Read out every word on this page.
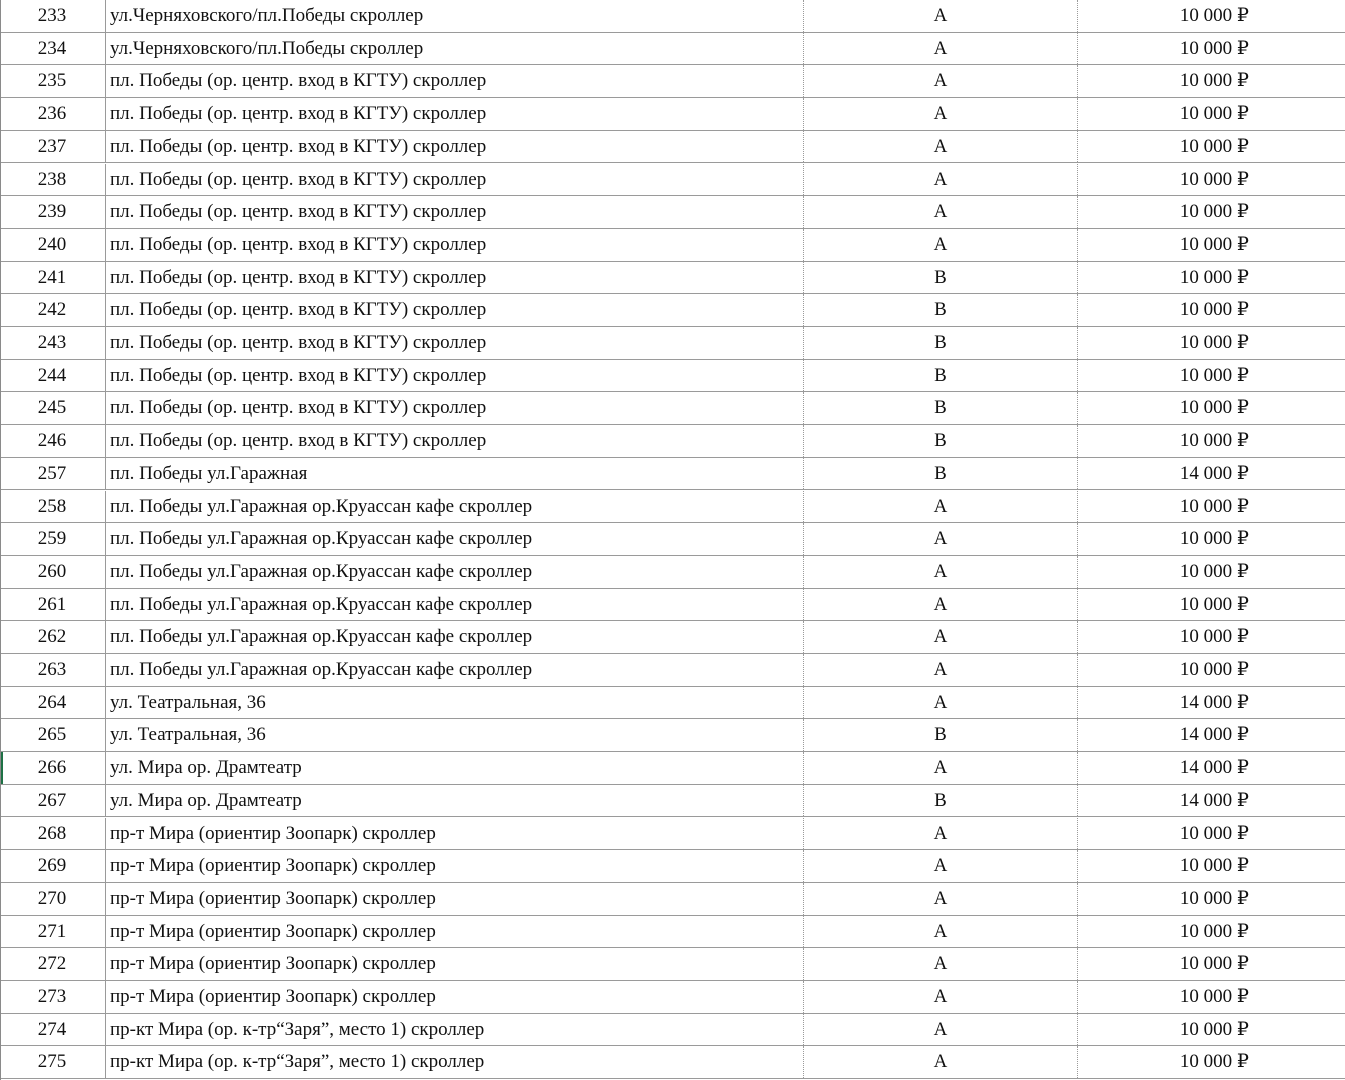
233	ул.Черняховского/пл.Победы скроллер	А	10 000 ₽
234	ул.Черняховского/пл.Победы скроллер	А	10 000 ₽
235	пл. Победы (ор. центр. вход в КГТУ) скроллер	А	10 000 ₽
236	пл. Победы (ор. центр. вход в КГТУ) скроллер	А	10 000 ₽
237	пл. Победы (ор. центр. вход в КГТУ) скроллер	А	10 000 ₽
238	пл. Победы (ор. центр. вход в КГТУ) скроллер	А	10 000 ₽
239	пл. Победы (ор. центр. вход в КГТУ) скроллер	А	10 000 ₽
240	пл. Победы (ор. центр. вход в КГТУ) скроллер	А	10 000 ₽
241	пл. Победы (ор. центр. вход в КГТУ) скроллер	В	10 000 ₽
242	пл. Победы (ор. центр. вход в КГТУ) скроллер	В	10 000 ₽
243	пл. Победы (ор. центр. вход в КГТУ) скроллер	В	10 000 ₽
244	пл. Победы (ор. центр. вход в КГТУ) скроллер	В	10 000 ₽
245	пл. Победы (ор. центр. вход в КГТУ) скроллер	В	10 000 ₽
246	пл. Победы (ор. центр. вход в КГТУ) скроллер	В	10 000 ₽
257	пл. Победы ул.Гаражная	В	14 000 ₽
258	пл. Победы ул.Гаражная ор.Круассан кафе скроллер	А	10 000 ₽
259	пл. Победы ул.Гаражная ор.Круассан кафе скроллер	А	10 000 ₽
260	пл. Победы ул.Гаражная ор.Круассан кафе скроллер	А	10 000 ₽
261	пл. Победы ул.Гаражная ор.Круассан кафе скроллер	А	10 000 ₽
262	пл. Победы ул.Гаражная ор.Круассан кафе скроллер	А	10 000 ₽
263	пл. Победы ул.Гаражная ор.Круассан кафе скроллер	А	10 000 ₽
264	ул. Театральная, 36	А	14 000 ₽
265	ул. Театральная, 36	В	14 000 ₽
266	ул. Мира ор. Драмтеатр	А	14 000 ₽
267	ул. Мира ор. Драмтеатр	В	14 000 ₽
268	пр-т Мира (ориентир Зоопарк) скроллер	А	10 000 ₽
269	пр-т Мира (ориентир Зоопарк) скроллер	А	10 000 ₽
270	пр-т Мира (ориентир Зоопарк) скроллер	А	10 000 ₽
271	пр-т Мира (ориентир Зоопарк) скроллер	А	10 000 ₽
272	пр-т Мира (ориентир Зоопарк) скроллер	А	10 000 ₽
273	пр-т Мира (ориентир Зоопарк) скроллер	А	10 000 ₽
274	пр-кт Мира (ор. к-тр“Заря”, место 1) скроллер	А	10 000 ₽
275	пр-кт Мира (ор. к-тр“Заря”, место 1) скроллер	А	10 000 ₽
